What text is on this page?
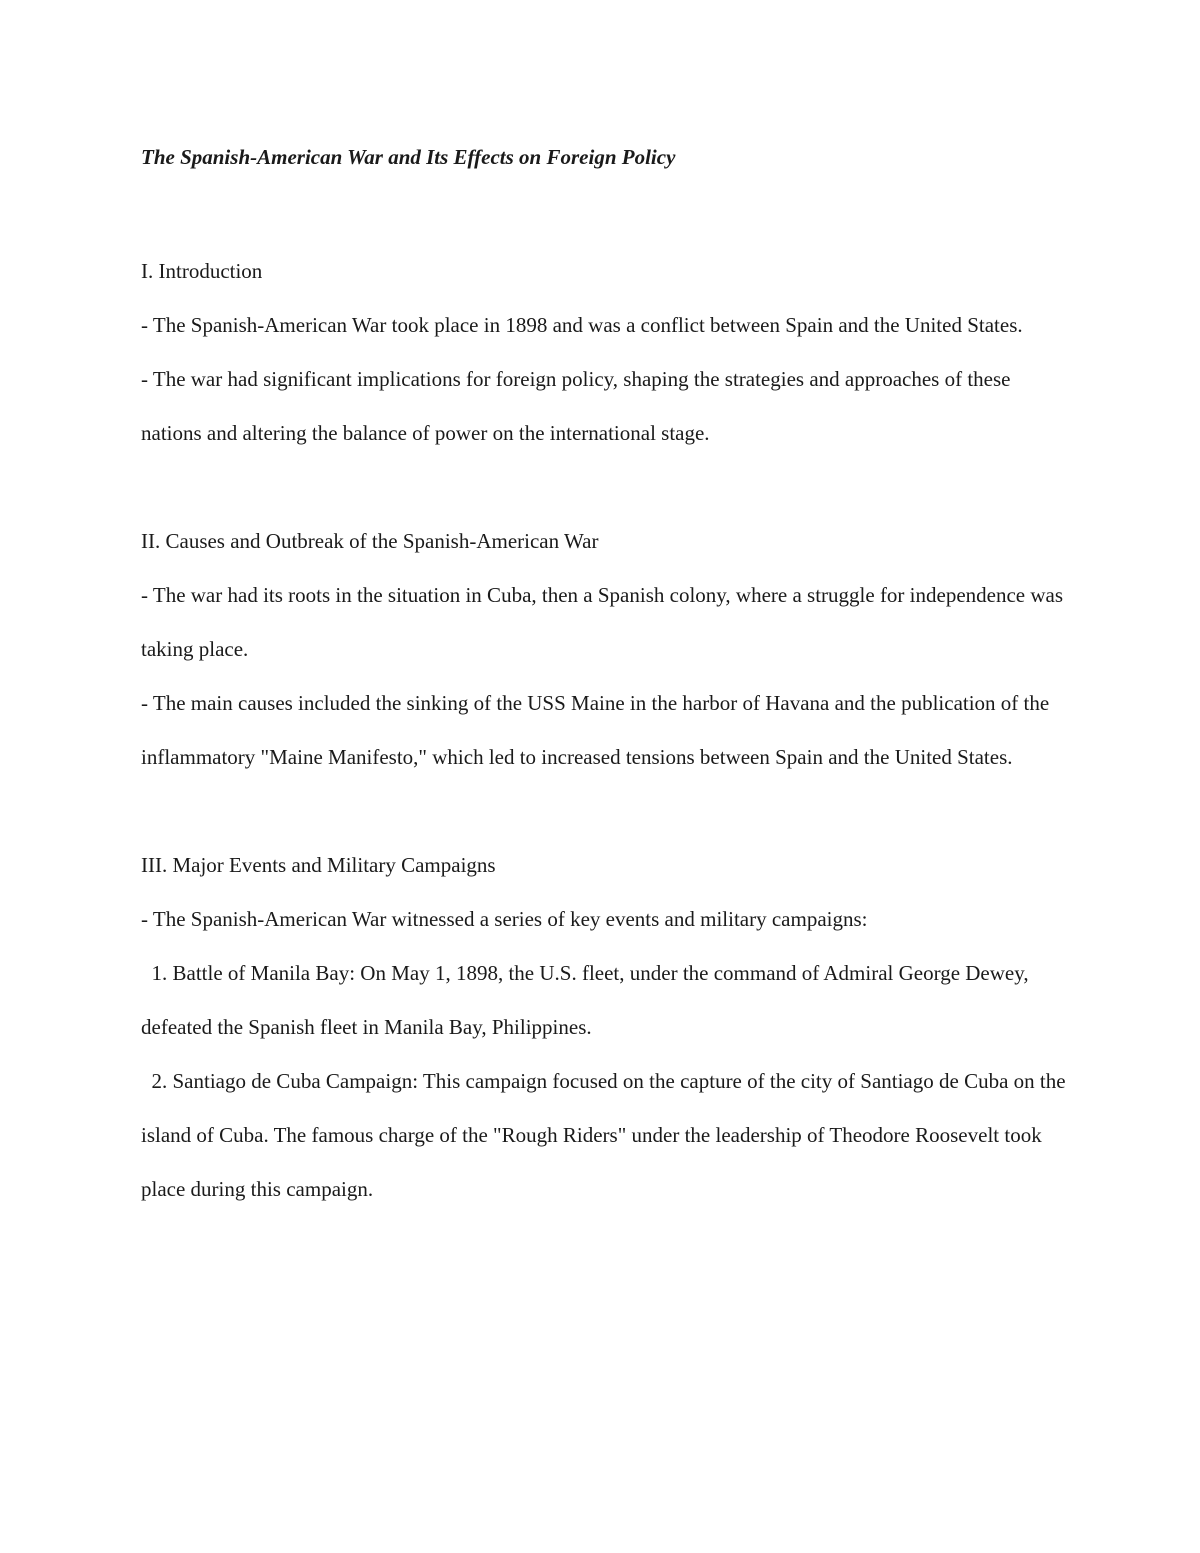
The Spanish-American War and Its Effects on Foreign Policy
I. Introduction

- The Spanish-American War took place in 1898 and was a conflict between Spain and the United States.

- The war had significant implications for foreign policy, shaping the strategies and approaches of these nations and altering the balance of power on the international stage.

II. Causes and Outbreak of the Spanish-American War

- The war had its roots in the situation in Cuba, then a Spanish colony, where a struggle for independence was taking place.

- The main causes included the sinking of the USS Maine in the harbor of Havana and the publication of the inflammatory "Maine Manifesto," which led to increased tensions between Spain and the United States.

III. Major Events and Military Campaigns

- The Spanish-American War witnessed a series of key events and military campaigns:

1. Battle of Manila Bay: On May 1, 1898, the U.S. fleet, under the command of Admiral George Dewey, defeated the Spanish fleet in Manila Bay, Philippines.

2. Santiago de Cuba Campaign: This campaign focused on the capture of the city of Santiago de Cuba on the island of Cuba. The famous charge of the "Rough Riders" under the leadership of Theodore Roosevelt took place during this campaign.
